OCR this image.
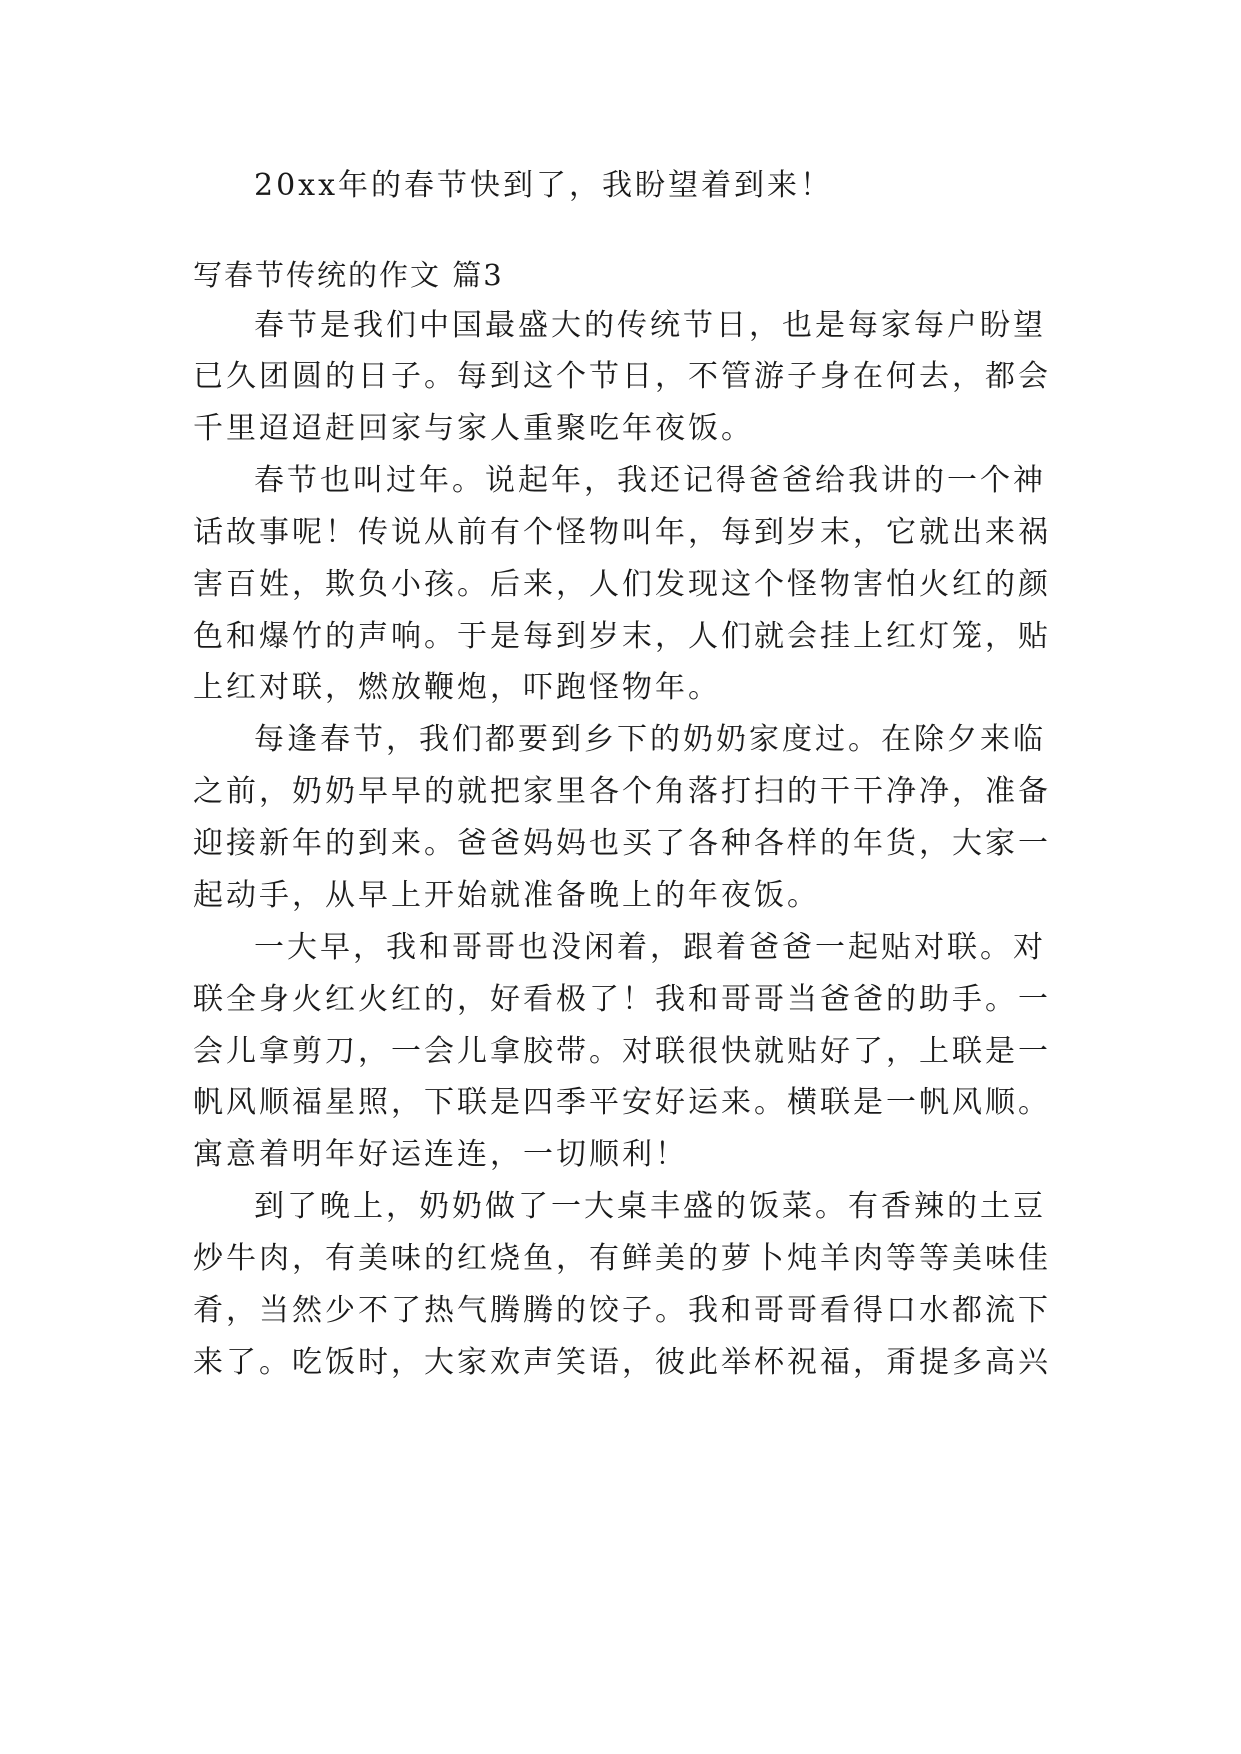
20xx年的春节快到了，我盼望着到来！
写春节传统的作文 篇3
春节是我们中国最盛大的传统节日，也是每家每户盼望
已久团圆的日子。每到这个节日，不管游子身在何去，都会
千里迢迢赶回家与家人重聚吃年夜饭。
春节也叫过年。说起年，我还记得爸爸给我讲的一个神
话故事呢！传说从前有个怪物叫年，每到岁末，它就出来祸
害百姓，欺负小孩。后来，人们发现这个怪物害怕火红的颜
色和爆竹的声响。于是每到岁末，人们就会挂上红灯笼，贴
上红对联，燃放鞭炮，吓跑怪物年。
每逢春节，我们都要到乡下的奶奶家度过。在除夕来临
之前，奶奶早早的就把家里各个角落打扫的干干净净，准备
迎接新年的到来。爸爸妈妈也买了各种各样的年货，大家一
起动手，从早上开始就准备晚上的年夜饭。
一大早，我和哥哥也没闲着，跟着爸爸一起贴对联。对
联全身火红火红的，好看极了！我和哥哥当爸爸的助手。一
会儿拿剪刀，一会儿拿胶带。对联很快就贴好了，上联是一
帆风顺福星照，下联是四季平安好运来。横联是一帆风顺。
寓意着明年好运连连，一切顺利！
到了晚上，奶奶做了一大桌丰盛的饭菜。有香辣的土豆
炒牛肉，有美味的红烧鱼，有鲜美的萝卜炖羊肉等等美味佳
肴，当然少不了热气腾腾的饺子。我和哥哥看得口水都流下
来了。吃饭时，大家欢声笑语，彼此举杯祝福，甭提多高兴
